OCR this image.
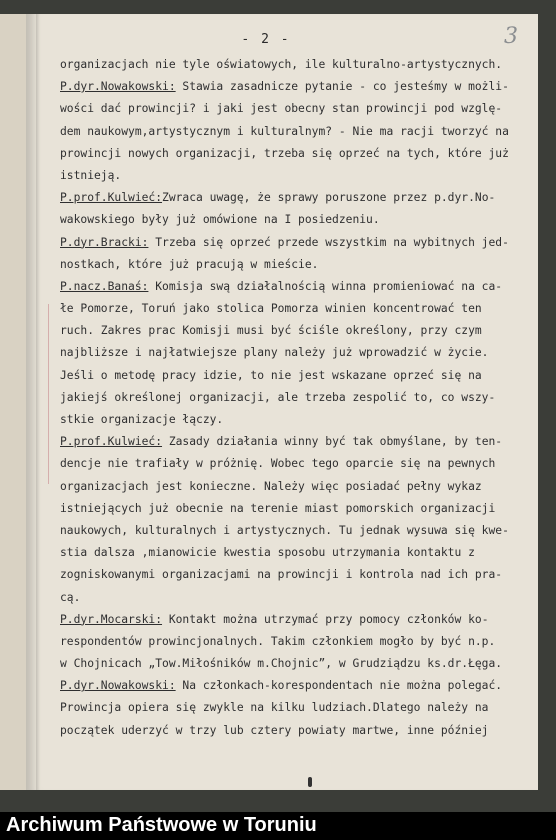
- 2 -	3
organizacjach nie tyle oświatowych, ile kulturalno-artystycznych.
P.dyr.Nowakowski: Stawia zasadnicze pytanie - co jesteśmy w możli-
wości dać prowincji? i jaki jest obecny stan prowincji pod wzglę-
dem naukowym,artystycznym i kulturalnym? - Nie ma racji tworzyć na
prowincji nowych organizacji, trzeba się oprzeć na tych, które już
istnieją.
P.prof.Kulwieć:Zwraca uwagę, że sprawy poruszone przez p.dyr.No-
wakowskiego były już omówione na I posiedzeniu.
P.dyr.Bracki: Trzeba się oprzeć przede wszystkim na wybitnych jed-
nostkach, które już pracują w mieście.
P.nacz.Banaś: Komisja swą działalnością winna promieniować na ca-
łe Pomorze, Toruń jako stolica Pomorza winien koncentrować ten
ruch. Zakres prac Komisji musi być ściśle określony, przy czym
najbliższe i najłatwiejsze plany należy już wprowadzić w życie.
Jeśli o metodę pracy idzie, to nie jest wskazane oprzeć się na
jakiejś określonej organizacji, ale trzeba zespolić to, co wszy-
stkie organizacje łączy.
P.prof.Kulwieć: Zasady działania winny być tak obmyślane, by ten-
dencje nie trafiały w próżnię. Wobec tego oparcie się na pewnych
organizacjach jest konieczne. Należy więc posiadać pełny wykaz
istniejących już obecnie na terenie miast pomorskich organizacji
naukowych, kulturalnych i artystycznych. Tu jednak wysuwa się kwe-
stia dalsza ,mianowicie kwestia sposobu utrzymania kontaktu z
zogniskowanymi organizacjami na prowincji i kontrola nad ich pra-
cą.
P.dyr.Mocarski: Kontakt można utrzymać przy pomocy członków ko-
respondentów prowincjonalnych. Takim członkiem mogło by być n.p.
w Chojnicach „Tow.Miłośników m.Chojnic”, w Grudziądzu ks.dr.Łęga.
P.dyr.Nowakowski: Na członkach-korespondentach nie można polegać.
Prowincja opiera się zwykle na kilku ludziach.Dlatego należy na
początek uderzyć w trzy lub cztery powiaty martwe, inne później
Archiwum Państwowe w Toruniu
